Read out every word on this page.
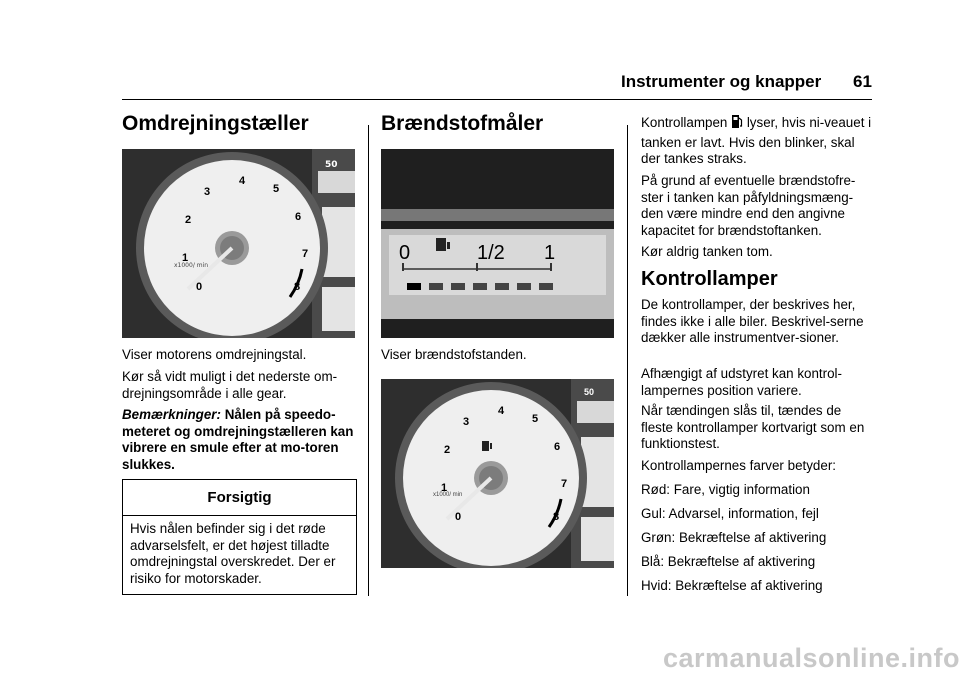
Instrumenter og knapper 61
Omdrejningstæller
50
x1000/ min
1
2
3
4
5
6
7
8
0
Viser motorens omdrejningstal.
Kør så vidt muligt i det nederste om-drejningsområde i alle gear.
Bemærkninger: Nålen på speedo-meteret og omdrejningstælleren kan vibrere en smule efter at mo-toren slukkes.
Forsigtig
Hvis nålen befinder sig i det røde advarselsfelt, er det højest tilladte omdrejningstal overskredet. Der er risiko for motorskader.
Brændstofmåler
0	1/2 1
Viser brændstofstanden.
50
x1000/ min
1
2
3
4
5
6
7
8
0
Kontrollampen lyser, hvis ni-veauet i tanken er lavt. Hvis den blinker, skal der tankes straks.
På grund af eventuelle brændstofre-ster i tanken kan påfyldningsmæng-den være mindre end den angivne kapacitet for brændstoftanken.
Kør aldrig tanken tom.
Kontrollamper
De kontrollamper, der beskrives her, findes ikke i alle biler. Beskrivel-serne dækker alle instrumentver-sioner.
Afhængigt af udstyret kan kontrol-lampernes position variere.
Når tændingen slås til, tændes de fleste kontrollamper kortvarigt som en funktionstest.
Kontrollampernes farver betyder:
Rød: Fare, vigtig information
Gul: Advarsel, information, fejl
Grøn: Bekræftelse af aktivering
Blå: Bekræftelse af aktivering
Hvid: Bekræftelse af aktivering
carmanualsonline.info
